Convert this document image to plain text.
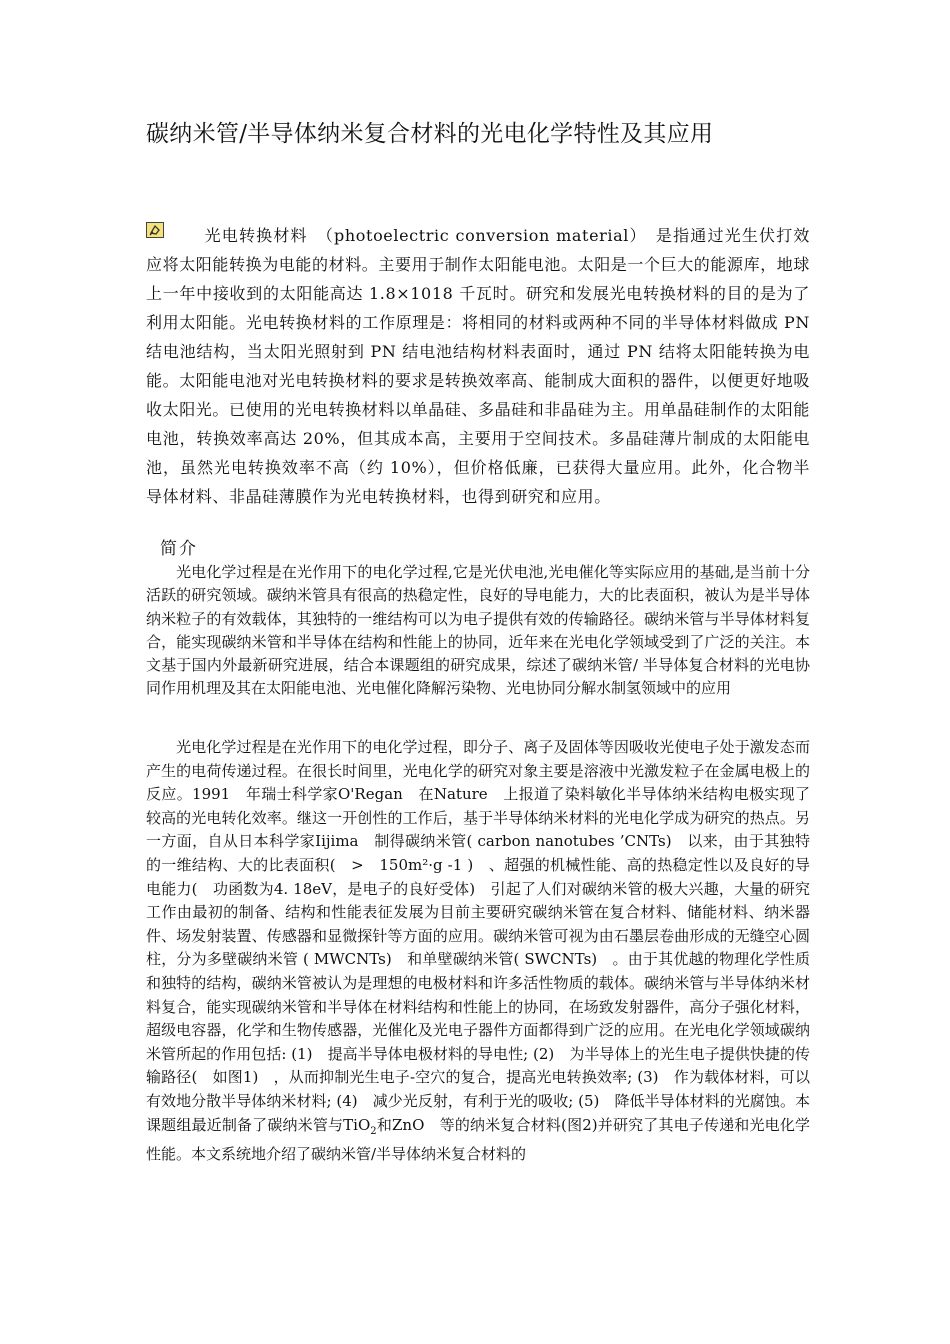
碳纳米管/半导体纳米复合材料的光电化学特性及其应用
光电转换材料　（photoelectric conversion material）　是指通过光生伏打效应将太阳能转换为电能的材料。主要用于制作太阳能电池。太阳是一个巨大的能源库，地球上一年中接收到的太阳能高达 1.8×1018 千瓦时。研究和发展光电转换材料的目的是为了利用太阳能。光电转换材料的工作原理是：将相同的材料或两种不同的半导体材料做成 PN 结电池结构，当太阳光照射到 PN 结电池结构材料表面时，通过 PN 结将太阳能转换为电能。太阳能电池对光电转换材料的要求是转换效率高、能制成大面积的器件，以便更好地吸收太阳光。已使用的光电转换材料以单晶硅、多晶硅和非晶硅为主。用单晶硅制作的太阳能电池，转换效率高达 20%，但其成本高，主要用于空间技术。多晶硅薄片制成的太阳能电池，虽然光电转换效率不高（约 10%），但价格低廉，已获得大量应用。此外，化合物半导体材料、非晶硅薄膜作为光电转换材料，也得到研究和应用。
简介
光电化学过程是在光作用下的电化学过程,它是光伏电池,光电催化等实际应用的基础,是当前十分活跃的研究领域。碳纳米管具有很高的热稳定性，良好的导电能力，大的比表面积，被认为是半导体纳米粒子的有效载体，其独特的一维结构可以为电子提供有效的传输路径。碳纳米管与半导体材料复合，能实现碳纳米管和半导体在结构和性能上的协同，近年来在光电化学领域受到了广泛的关注。本文基于国内外最新研究进展，结合本课题组的研究成果，综述了碳纳米管/ 半导体复合材料的光电协同作用机理及其在太阳能电池、光电催化降解污染物、光电协同分解水制氢领域中的应用
光电化学过程是在光作用下的电化学过程，即分子、离子及固体等因吸收光使电子处于激发态而产生的电荷传递过程。在很长时间里，光电化学的研究对象主要是溶液中光激发粒子在金属电极上的反应。1991　年瑞士科学家O'Regan　在Nature　上报道了染料敏化半导体纳米结构电极实现了较高的光电转化效率。继这一开创性的工作后，基于半导体纳米材料的光电化学成为研究的热点。另一方面，自从日本科学家Iijima　制得碳纳米管( carbon nanotubes ’CNTs)　以来，由于其独特的一维结构、大的比表面积(　>　150m²·g -1 )　、超强的机械性能、高的热稳定性以及良好的导电能力(　功函数为4. 18eV，是电子的良好受体)　引起了人们对碳纳米管的极大兴趣，大量的研究工作由最初的制备、结构和性能表征发展为目前主要研究碳纳米管在复合材料、储能材料、纳米器件、场发射装置、传感器和显微探针等方面的应用。碳纳米管可视为由石墨层卷曲形成的无缝空心圆柱，分为多壁碳纳米管 ( MWCNTs)　和单壁碳纳米管( SWCNTs)　。由于其优越的物理化学性质和独特的结构，碳纳米管被认为是理想的电极材料和许多活性物质的载体。碳纳米管与半导体纳米材料复合，能实现碳纳米管和半导体在材料结构和性能上的协同，在场致发射器件，高分子强化材料，超级电容器，化学和生物传感器，光催化及光电子器件方面都得到广泛的应用。在光电化学领域碳纳米管所起的作用包括: (1)　提高半导体电极材料的导电性; (2)　为半导体上的光生电子提供快捷的传输路径(　如图1)　，从而抑制光生电子-空穴的复合，提高光电转换效率; (3)　作为载体材料，可以有效地分散半导体纳米材料; (4)　减少光反射，有利于光的吸收; (5)　降低半导体材料的光腐蚀。本课题组最近制备了碳纳米管与TiO$_2$和ZnO　等的纳米复合材料(图2)并研究了其电子传递和光电化学性能。本文系统地介绍了碳纳米管/半导体纳米复合材料的
